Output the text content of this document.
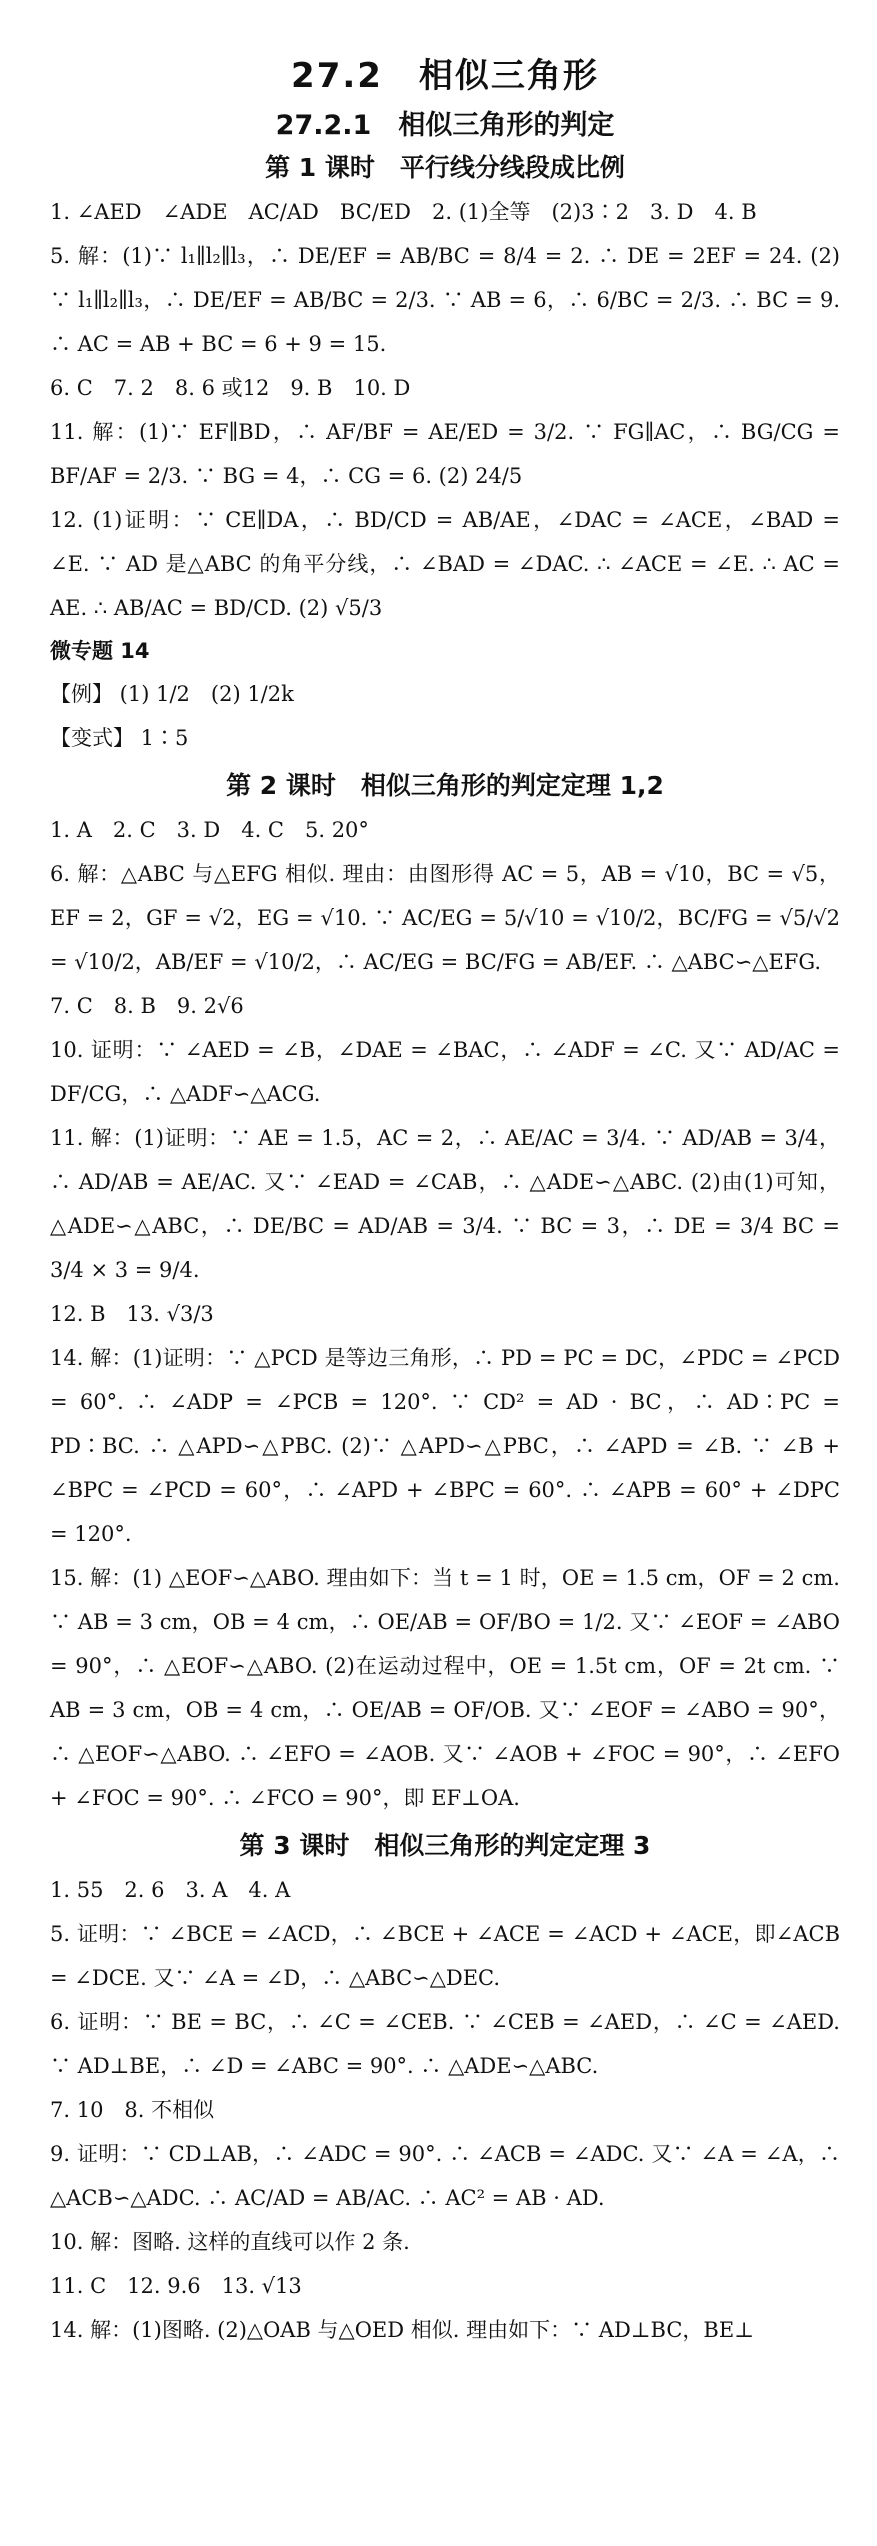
27.2　相似三角形
27.2.1　相似三角形的判定
第 1 课时　平行线分线段成比例

1. ∠AED　∠ADE　AC/AD　BC/ED　2. (1)全等　(2)3∶2　3. D　4. B

5. 解：(1)∵ l₁∥l₂∥l₃，∴ DE/EF = AB/BC = 8/4 = 2. ∴ DE = 2EF = 24. (2) ∵ l₁∥l₂∥l₃，∴ DE/EF = AB/BC = 2/3. ∵ AB = 6，∴ 6/BC = 2/3. ∴ BC = 9. ∴ AC = AB + BC = 6 + 9 = 15.

6. C　7. 2　8. 6 或12　9. B　10. D

11. 解：(1)∵ EF∥BD，∴ AF/BF = AE/ED = 3/2. ∵ FG∥AC，∴ BG/CG = BF/AF = 2/3. ∵ BG = 4，∴ CG = 6. (2) 24/5

12. (1)证明：∵ CE∥DA，∴ BD/CD = AB/AE，∠DAC = ∠ACE，∠BAD = ∠E. ∵ AD 是△ABC 的角平分线，∴ ∠BAD = ∠DAC. ∴ ∠ACE = ∠E. ∴ AC = AE. ∴ AB/AC = BD/CD. (2) √5/3

微专题 14

【例】 (1) 1/2　(2) 1/2k

【变式】 1∶5

第 2 课时　相似三角形的判定定理 1,2

1. A　2. C　3. D　4. C　5. 20°

6. 解：△ABC 与△EFG 相似. 理由：由图形得 AC = 5，AB = √10，BC = √5，EF = 2，GF = √2，EG = √10. ∵ AC/EG = 5/√10 = √10/2，BC/FG = √5/√2 = √10/2，AB/EF = √10/2，∴ AC/EG = BC/FG = AB/EF. ∴ △ABC∽△EFG.

7. C　8. B　9. 2√6

10. 证明：∵ ∠AED = ∠B，∠DAE = ∠BAC，∴ ∠ADF = ∠C. 又∵ AD/AC = DF/CG，∴ △ADF∽△ACG.

11. 解：(1)证明：∵ AE = 1.5，AC = 2，∴ AE/AC = 3/4. ∵ AD/AB = 3/4，∴ AD/AB = AE/AC. 又∵ ∠EAD = ∠CAB，∴ △ADE∽△ABC. (2)由(1)可知，△ADE∽△ABC，∴ DE/BC = AD/AB = 3/4. ∵ BC = 3，∴ DE = 3/4 BC = 3/4 × 3 = 9/4.

12. B　13. √3/3

14. 解：(1)证明：∵ △PCD 是等边三角形，∴ PD = PC = DC，∠PDC = ∠PCD = 60°. ∴ ∠ADP = ∠PCB = 120°. ∵ CD² = AD · BC，∴ AD∶PC = PD∶BC. ∴ △APD∽△PBC. (2)∵ △APD∽△PBC，∴ ∠APD = ∠B. ∵ ∠B + ∠BPC = ∠PCD = 60°，∴ ∠APD + ∠BPC = 60°. ∴ ∠APB = 60° + ∠DPC = 120°.

15. 解：(1) △EOF∽△ABO. 理由如下：当 t = 1 时，OE = 1.5 cm，OF = 2 cm. ∵ AB = 3 cm，OB = 4 cm，∴ OE/AB = OF/BO = 1/2. 又∵ ∠EOF = ∠ABO = 90°，∴ △EOF∽△ABO. (2)在运动过程中，OE = 1.5t cm，OF = 2t cm. ∵ AB = 3 cm，OB = 4 cm，∴ OE/AB = OF/OB. 又∵ ∠EOF = ∠ABO = 90°，∴ △EOF∽△ABO. ∴ ∠EFO = ∠AOB. 又∵ ∠AOB + ∠FOC = 90°，∴ ∠EFO + ∠FOC = 90°. ∴ ∠FCO = 90°，即 EF⊥OA.

第 3 课时　相似三角形的判定定理 3

1. 55　2. 6　3. A　4. A

5. 证明：∵ ∠BCE = ∠ACD，∴ ∠BCE + ∠ACE = ∠ACD + ∠ACE，即∠ACB = ∠DCE. 又∵ ∠A = ∠D，∴ △ABC∽△DEC.

6. 证明：∵ BE = BC，∴ ∠C = ∠CEB. ∵ ∠CEB = ∠AED，∴ ∠C = ∠AED. ∵ AD⊥BE，∴ ∠D = ∠ABC = 90°. ∴ △ADE∽△ABC.

7. 10　8. 不相似

9. 证明：∵ CD⊥AB，∴ ∠ADC = 90°. ∴ ∠ACB = ∠ADC. 又∵ ∠A = ∠A，∴ △ACB∽△ADC. ∴ AC/AD = AB/AC. ∴ AC² = AB · AD.

10. 解：图略. 这样的直线可以作 2 条.

11. C　12. 9.6　13. √13

14. 解：(1)图略. (2)△OAB 与△OED 相似. 理由如下：∵ AD⊥BC，BE⊥
